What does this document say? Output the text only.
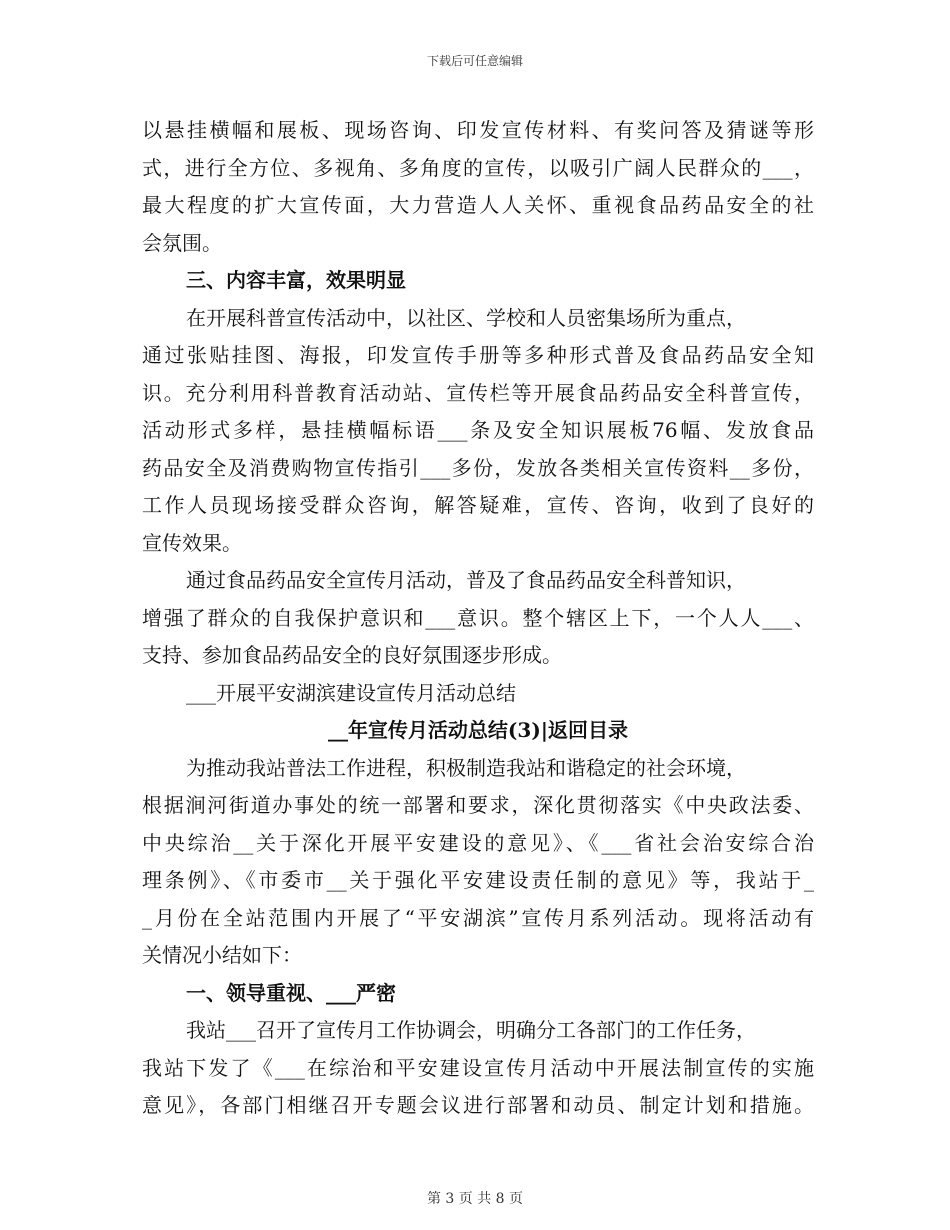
下载后可任意编辑
以悬挂横幅和展板、现场咨询、印发宣传材料、有奖问答及猜谜等形
式，进行全方位、多视角、多角度的宣传，以吸引广阔人民群众的___，
最大程度的扩大宣传面，大力营造人人关怀、重视食品药品安全的社
会氛围。
三、内容丰富，效果明显
在开展科普宣传活动中，以社区、学校和人员密集场所为重点，
通过张贴挂图、海报，印发宣传手册等多种形式普及食品药品安全知
识。充分利用科普教育活动站、宣传栏等开展食品药品安全科普宣传，
活动形式多样，悬挂横幅标语___条及安全知识展板76幅、发放食品
药品安全及消费购物宣传指引___多份，发放各类相关宣传资料__多份，
工作人员现场接受群众咨询，解答疑难，宣传、咨询，收到了良好的
宣传效果。
通过食品药品安全宣传月活动，普及了食品药品安全科普知识，
增强了群众的自我保护意识和___意识。整个辖区上下，一个人人___、
支持、参加食品药品安全的良好氛围逐步形成。
___开展平安湖滨建设宣传月活动总结
__年宣传月活动总结(3)|返回目录
为推动我站普法工作进程，积极制造我站和谐稳定的社会环境，
根据涧河街道办事处的统一部署和要求，深化贯彻落实《中央政法委、
中央综治__关于深化开展平安建设的意见》、《___省社会治安综合治
理条例》、《市委市__关于强化平安建设责任制的意见》等，我站于_
_月份在全站范围内开展了“平安湖滨”宣传月系列活动。现将活动有
关情况小结如下：
一、领导重视、___严密
我站___召开了宣传月工作协调会，明确分工各部门的工作任务，
我站下发了《___在综治和平安建设宣传月活动中开展法制宣传的实施
意见》，各部门相继召开专题会议进行部署和动员、制定计划和措施。
第 3 页 共 8 页
